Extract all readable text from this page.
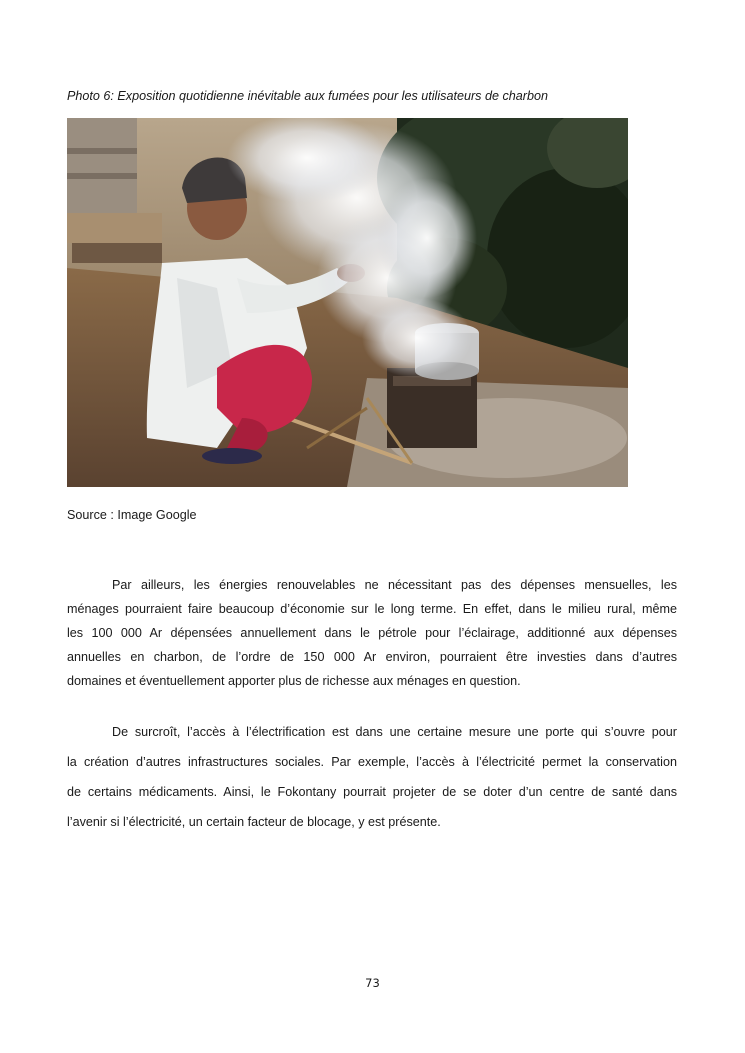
Photo 6: Exposition quotidienne inévitable aux fumées pour les utilisateurs de charbon
Source : Image Google
Par ailleurs, les énergies renouvelables ne nécessitant pas des dépenses mensuelles, les
ménages pourraient faire beaucoup d’économie sur le long terme. En effet, dans le milieu rural, même
les 100 000 Ar dépensées annuellement dans le pétrole pour l’éclairage, additionné aux dépenses
annuelles en charbon, de l’ordre de 150 000 Ar environ, pourraient être investies dans d’autres
domaines et éventuellement apporter plus de richesse aux ménages en question.
De surcroît, l’accès à l’électrification est dans une certaine mesure une porte qui s’ouvre pour
la création d’autres infrastructures sociales. Par exemple, l’accès à l’électricité permet la conservation
de certains médicaments. Ainsi, le Fokontany pourrait projeter de se doter d’un centre de santé dans
l’avenir si l’électricité, un certain facteur de blocage, y est présente.
73
